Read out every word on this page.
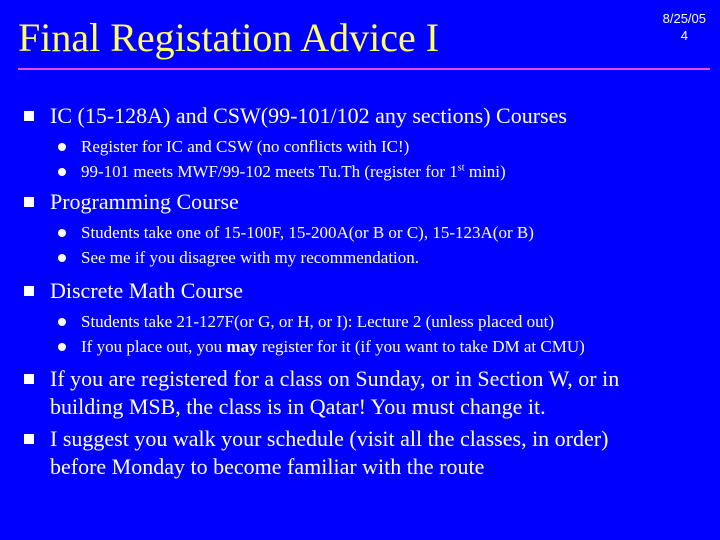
Final Registation Advice I	8/25/05
4
IC (15-128A) and CSW(99-101/102 any sections) Courses
Register for IC and CSW (no conflicts with IC!)
99-101 meets MWF/99-102 meets Tu.Th (register for 1st mini)
Programming Course
Students take one of 15-100F, 15-200A(or B or C), 15-123A(or B)
See me if you disagree with my recommendation.
Discrete Math Course
Students take 21-127F(or G, or H, or I): Lecture 2 (unless placed out)
If you place out, you may register for it (if you want to take DM at CMU)
If you are registered for a class on Sunday, or in Section W, or in
building MSB, the class is in Qatar! You must change it.
I suggest you walk your schedule (visit all the classes, in order)
before Monday to become familiar with the route
